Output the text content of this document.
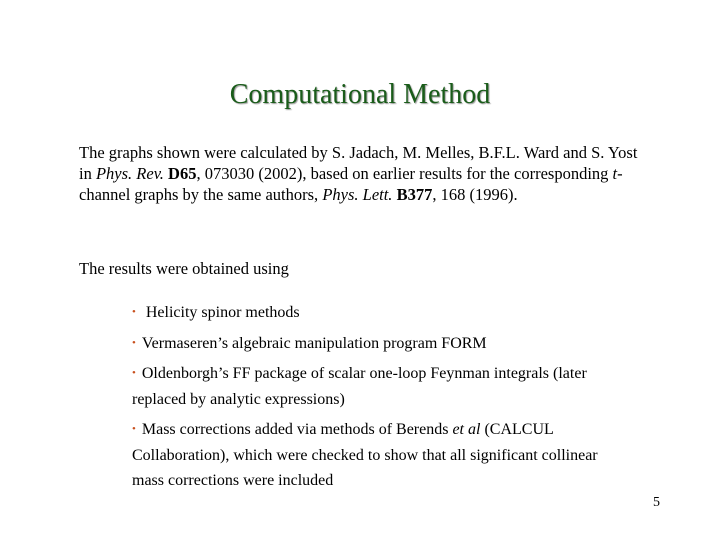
Computational Method

The graphs shown were calculated by S. Jadach, M. Melles, B.F.L. Ward and S. Yost in Phys. Rev. D65, 073030 (2002), based on earlier results for the corresponding t-channel graphs by the same authors, Phys. Lett. B377, 168 (1996).

The results were obtained using

• Helicity spinor methods
• Vermaseren’s algebraic manipulation program FORM
• Oldenborgh’s FF package of scalar one-loop Feynman integrals (later replaced by analytic expressions)
• Mass corrections added via methods of Berends et al (CALCUL Collaboration), which were checked to show that all significant collinear mass corrections were included
5
